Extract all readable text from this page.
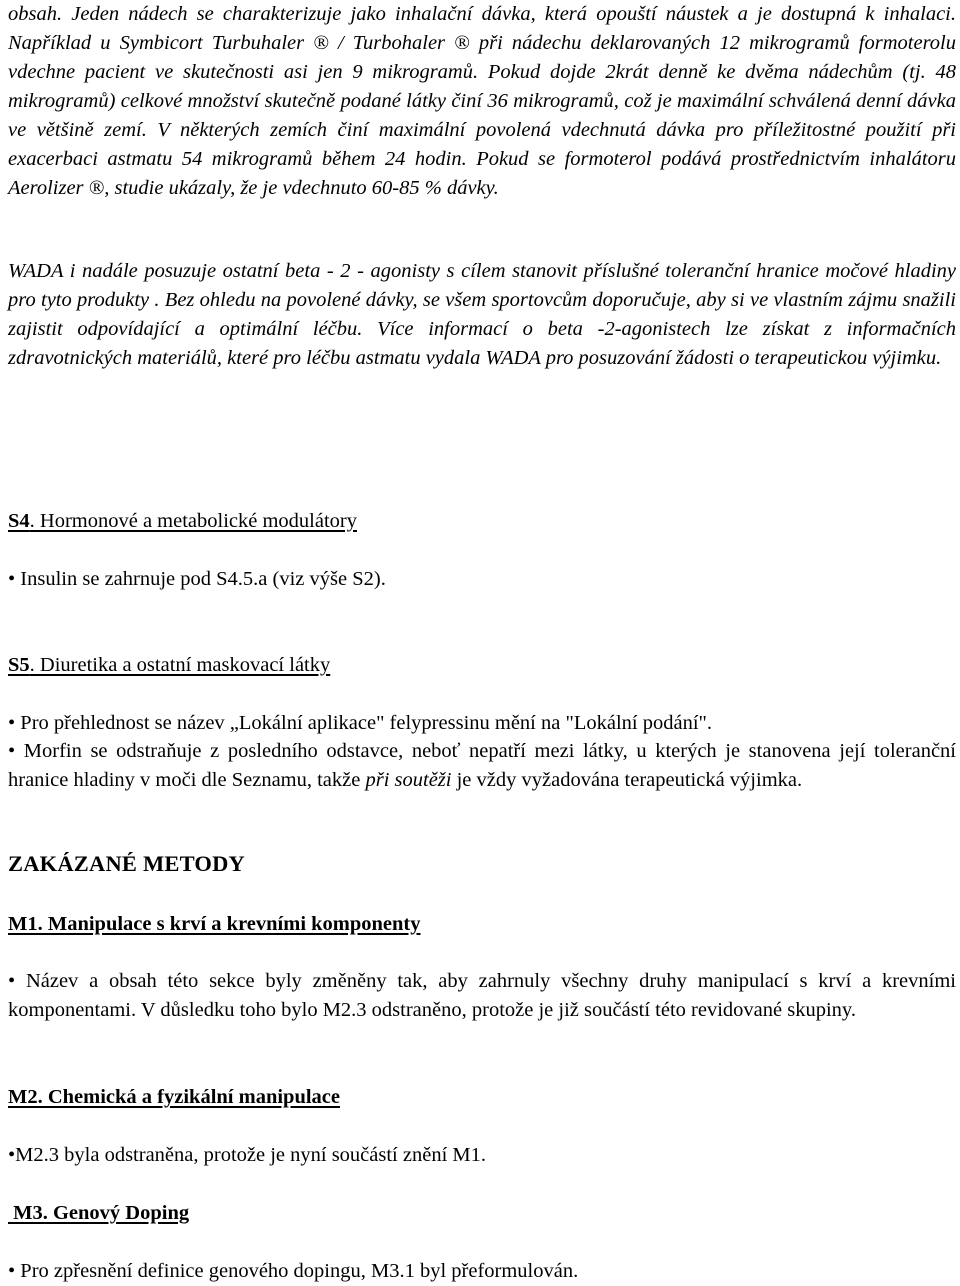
obsah. Jeden nádech se charakterizuje jako inhalační dávka, která opouští náustek a je dostupná k inhalaci. Například u Symbicort Turbuhaler ® / Turbohaler ® při nádechu deklarovaných 12 mikrogramů formoterolu vdechne pacient ve skutečnosti asi jen 9 mikrogramů. Pokud dojde 2krát denně ke dvěma nádechům (tj. 48 mikrogramů) celkové množství skutečně podané látky činí 36 mikrogramů, což je maximální schválená denní dávka ve většině zemí. V některých zemích činí maximální povolená vdechnutá dávka pro příležitostné použití při exacerbaci astmatu 54 mikrogramů během 24 hodin. Pokud se formoterol podává prostřednictvím inhalátoru Aerolizer ®, studie ukázaly, že je vdechnuto 60-85 % dávky.

WADA i nadále posuzuje ostatní beta - 2 - agonisty s cílem stanovit příslušné toleranční hranice močové hladiny pro tyto produkty . Bez ohledu na povolené dávky, se všem sportovcům doporučuje, aby si ve vlastním zájmu snažili zajistit odpovídající a optimální léčbu. Více informací o beta -2-agonistech lze získat z informačních zdravotnických materiálů, které pro léčbu astmatu vydala WADA pro posuzování žádosti o terapeutickou výjimku.

S4. Hormonové a metabolické modulátory

• Insulin se zahrnuje pod S4.5.a (viz výše S2).

S5. Diuretika a ostatní maskovací látky

• Pro přehlednost se název „Lokální aplikace" felypressinu mění na "Lokální podání".

• Morfin se odstraňuje z posledního odstavce, neboť nepatří mezi látky, u kterých je stanovena její toleranční hranice hladiny v moči dle Seznamu, takže při soutěži je vždy vyžadována terapeutická výjimka.

ZAKÁZANÉ METODY

M1. Manipulace s krví a krevními komponenty

• Název a obsah této sekce byly změněny tak, aby zahrnuly všechny druhy manipulací s krví a krevními komponentami. V důsledku toho bylo M2.3 odstraněno, protože je již součástí této revidované skupiny.

M2. Chemická a fyzikální manipulace

•M2.3 byla odstraněna, protože je nyní součástí znění M1.

M3. Genový Doping

• Pro zpřesnění definice genového dopingu, M3.1 byl přeformulován.
